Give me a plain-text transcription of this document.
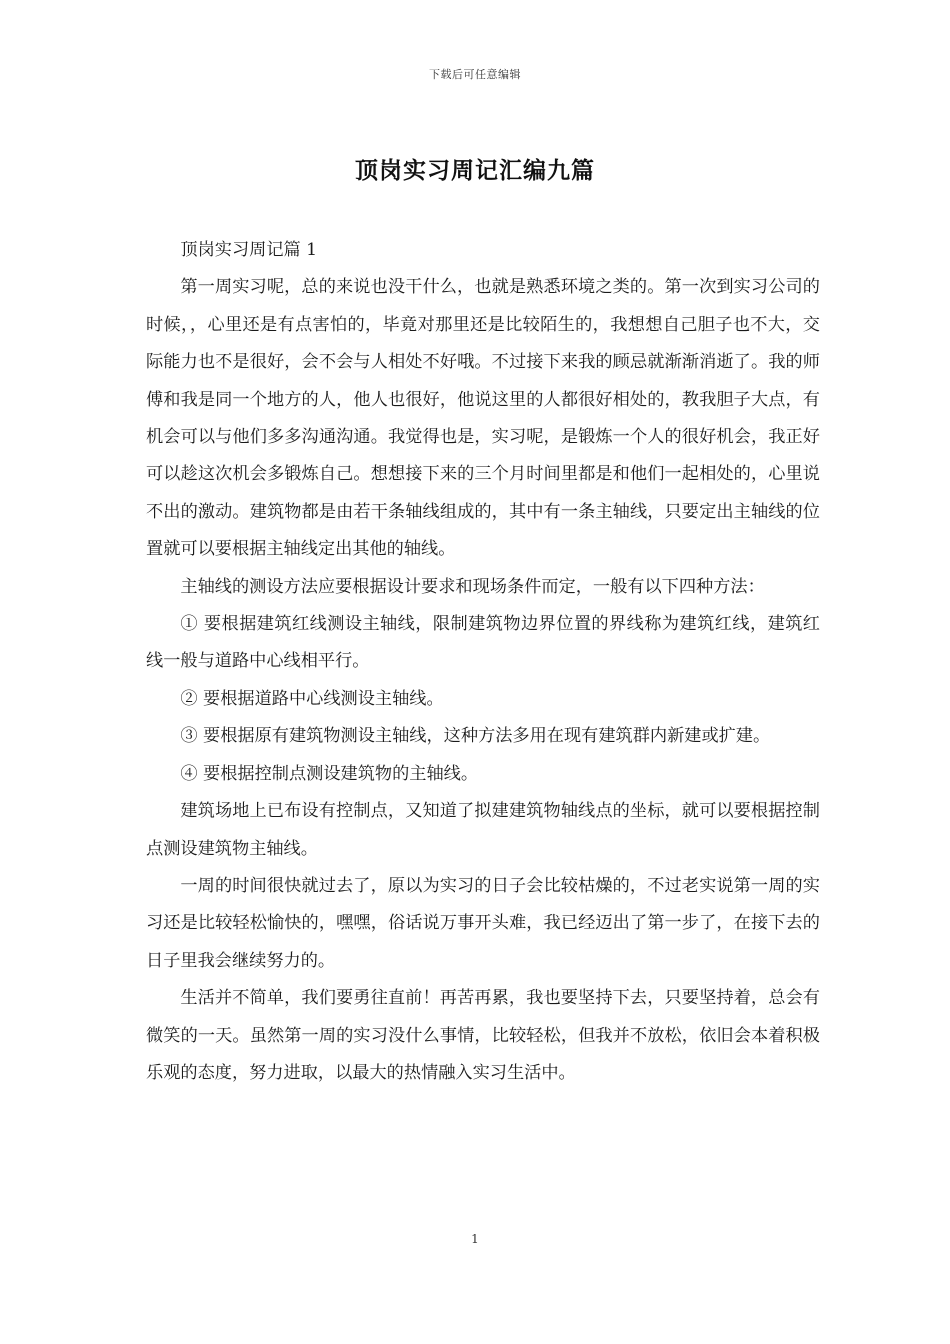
下载后可任意编辑
顶岗实习周记汇编九篇

顶岗实习周记篇 1

第一周实习呢，总的来说也没干什么，也就是熟悉环境之类的。第一次到实习公司的时候，，心里还是有点害怕的，毕竟对那里还是比较陌生的，我想想自己胆子也不大，交际能力也不是很好，会不会与人相处不好哦。不过接下来我的顾忌就渐渐消逝了。我的师傅和我是同一个地方的人，他人也很好，他说这里的人都很好相处的，教我胆子大点，有机会可以与他们多多沟通沟通。我觉得也是，实习呢，是锻炼一个人的很好机会，我正好可以趁这次机会多锻炼自己。想想接下来的三个月时间里都是和他们一起相处的，心里说不出的激动。建筑物都是由若干条轴线组成的，其中有一条主轴线，只要定出主轴线的位置就可以要根据主轴线定出其他的轴线。

主轴线的测设方法应要根据设计要求和现场条件而定，一般有以下四种方法：

① 要根据建筑红线测设主轴线，限制建筑物边界位置的界线称为建筑红线，建筑红线一般与道路中心线相平行。

② 要根据道路中心线测设主轴线。

③ 要根据原有建筑物测设主轴线，这种方法多用在现有建筑群内新建或扩建。

④ 要根据控制点测设建筑物的主轴线。

建筑场地上已布设有控制点，又知道了拟建建筑物轴线点的坐标，就可以要根据控制点测设建筑物主轴线。

一周的时间很快就过去了，原以为实习的日子会比较枯燥的，不过老实说第一周的实习还是比较轻松愉快的，嘿嘿，俗话说万事开头难，我已经迈出了第一步了，在接下去的日子里我会继续努力的。

生活并不简单，我们要勇往直前！再苦再累，我也要坚持下去，只要坚持着，总会有微笑的一天。虽然第一周的实习没什么事情，比较轻松，但我并不放松，依旧会本着积极乐观的态度，努力进取，以最大的热情融入实习生活中。

1
